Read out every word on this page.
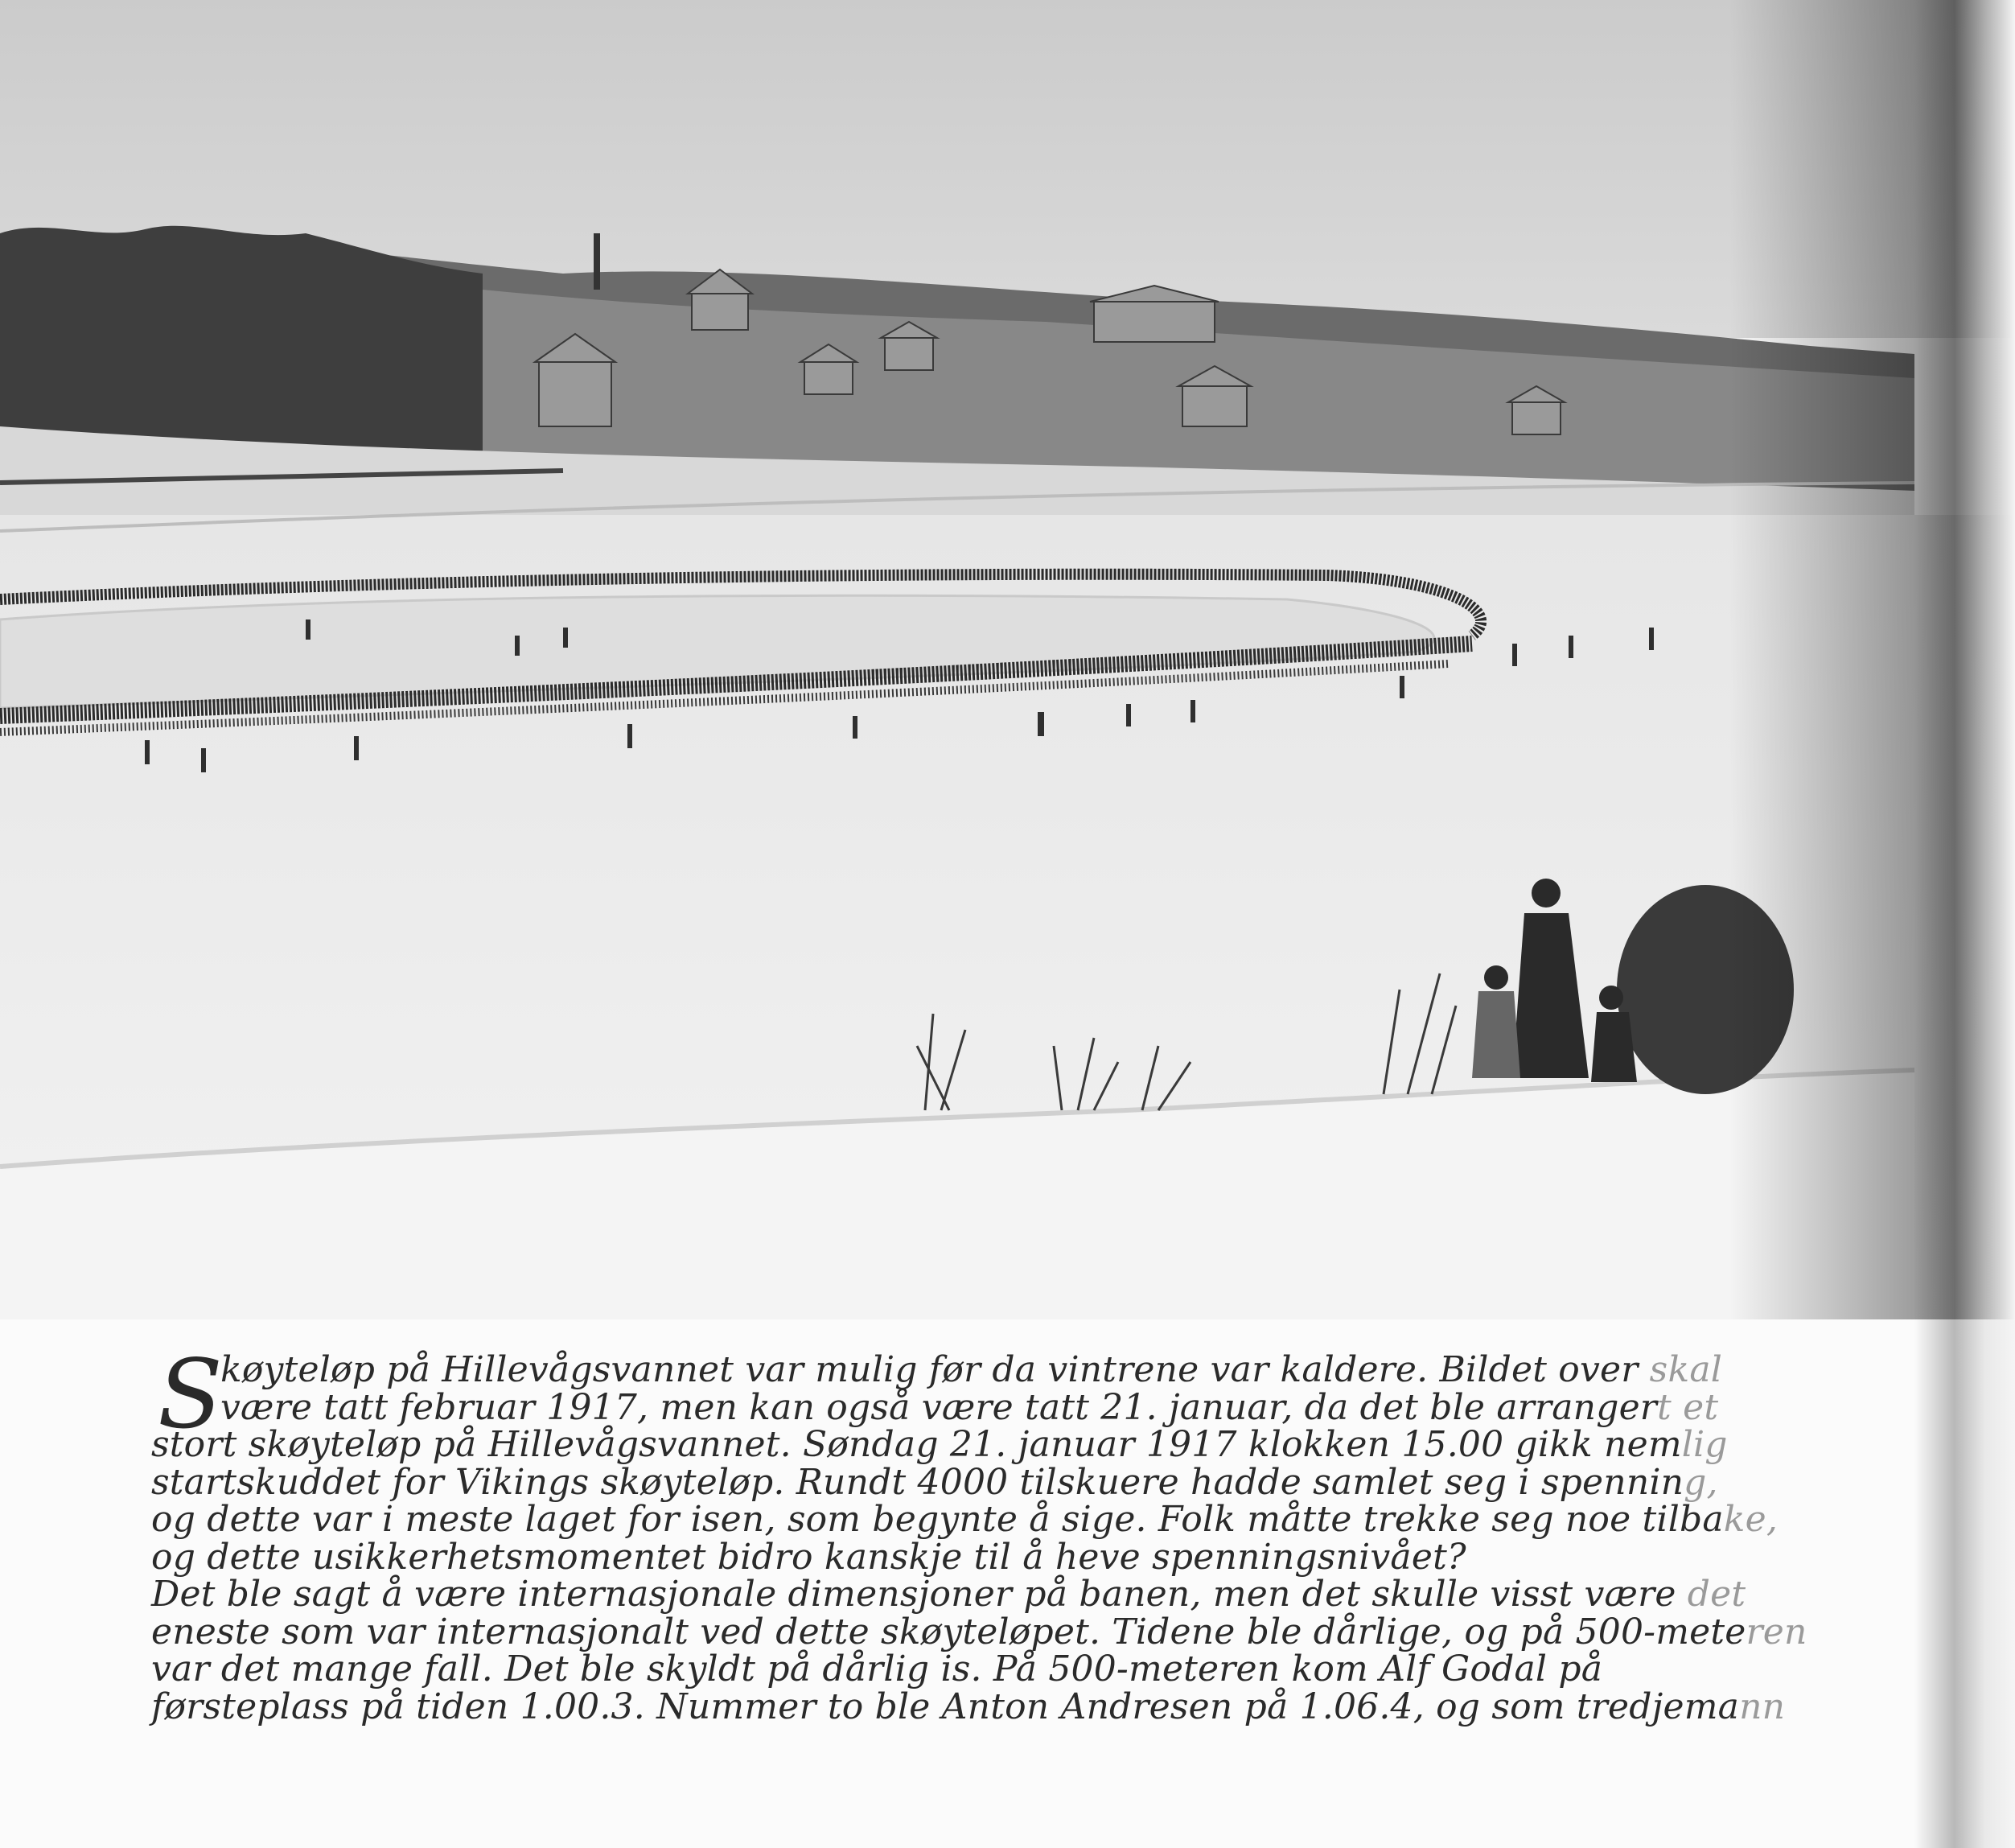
S
køyteløp på Hillevågsvannet var mulig før da vintrene var kaldere. Bildet over skal
være tatt februar 1917, men kan også være tatt 21. januar, da det ble arrangert et
stort skøyteløp på Hillevågsvannet. Søndag 21. januar 1917 klokken 15.00 gikk nemlig
startskuddet for Vikings skøyteløp. Rundt 4000 tilskuere hadde samlet seg i spenning,
og dette var i meste laget for isen, som begynte å sige. Folk måtte trekke seg noe tilbake,
og dette usikkerhetsmomentet bidro kanskje til å heve spenningsnivået?
Det ble sagt å være internasjonale dimensjoner på banen, men det skulle visst være det
eneste som var internasjonalt ved dette skøyteløpet. Tidene ble dårlige, og på 500-meteren
var det mange fall. Det ble skyldt på dårlig is. På 500-meteren kom Alf Godal på
førsteplass på tiden 1.00.3. Nummer to ble Anton Andresen på 1.06.4, og som tredjemann
